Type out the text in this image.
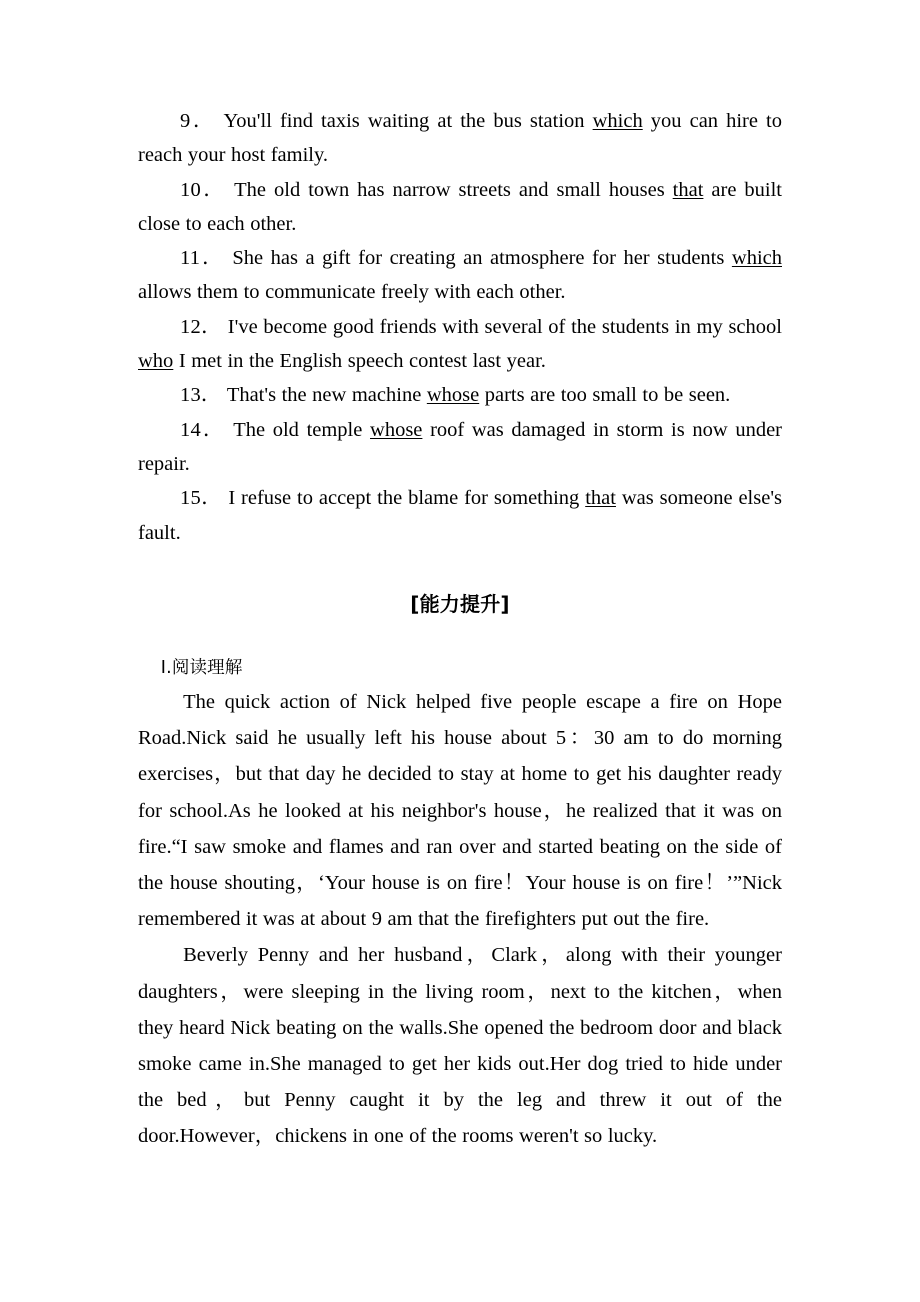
9． You'll find taxis waiting at the bus station which you can hire to reach your host family.

10． The old town has narrow streets and small houses that are built close to each other.

11． She has a gift for creating an atmosphere for her students which allows them to communicate freely with each other.

12． I've become good friends with several of the students in my school who I met in the English speech contest last year.

13． That's the new machine whose parts are too small to be seen.

14． The old temple whose roof was damaged in storm is now under repair.

15． I refuse to accept the blame for something that was someone else's fault.

[能力提升]
Ⅰ.阅读理解

The quick action of Nick helped five people escape a fire on Hope Road.Nick said he usually left his house about 5：30 am to do morning exercises，but that day he decided to stay at home to get his daughter ready for school.As he looked at his neighbor's house，he realized that it was on fire.“I saw smoke and flames and ran over and started beating on the side of the house shouting，‘Your house is on fire！Your house is on fire！’”Nick remembered it was at about 9 am that the firefighters put out the fire.

Beverly Penny and her husband，Clark，along with their younger daughters，were sleeping in the living room，next to the kitchen，when they heard Nick beating on the walls.She opened the bedroom door and black smoke came in.She managed to get her kids out.Her dog tried to hide under the bed，but Penny caught it by the leg and threw it out of the door.However，chickens in one of the rooms weren't so lucky.
